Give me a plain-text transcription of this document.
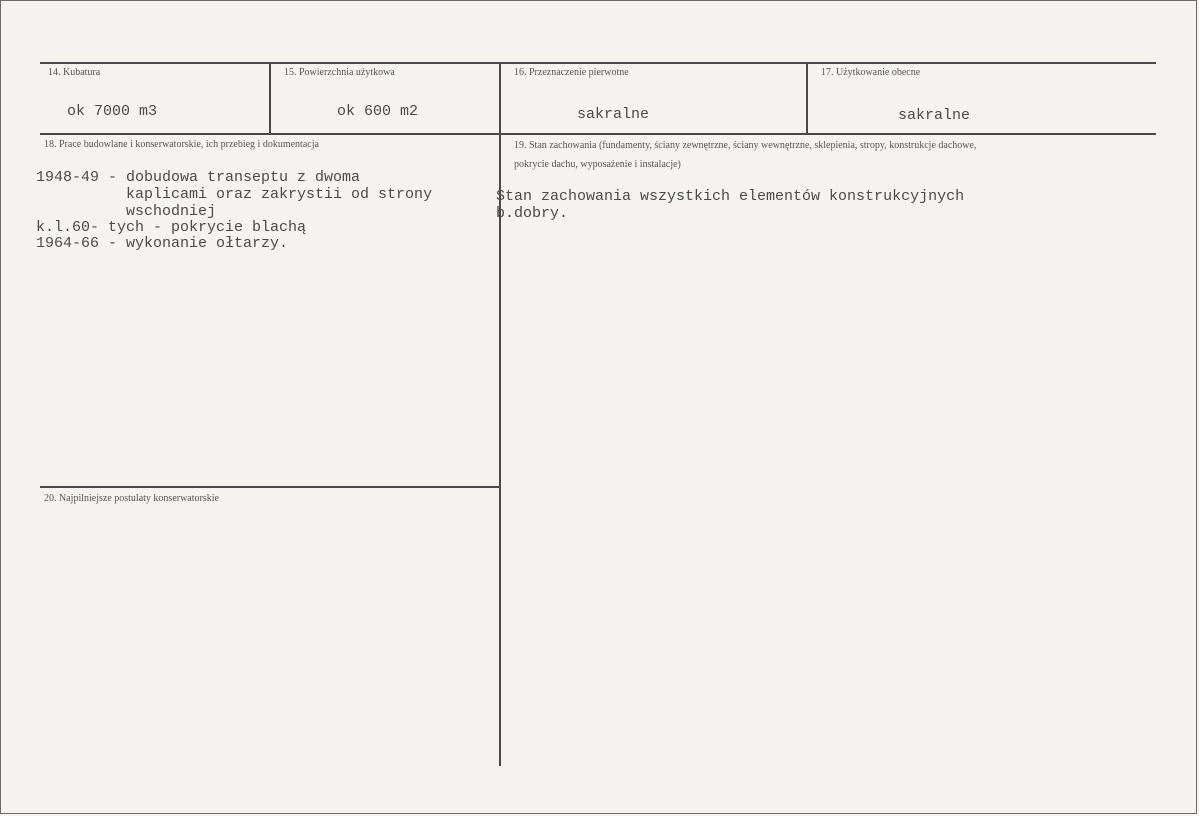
14. Kubatura
ok 7000 m3
15. Powierzchnia użytkowa
ok 600 m2
16. Przeznaczenie pierwotne
sakralne
17. Użytkowanie obecne
sakralne
18. Prace budowlane i konserwatorskie, ich przebieg i dokumentacja
1948-49 - dobudowa transeptu z dwoma
kaplicami oraz zakrystii od strony
wschodniej
k.l.60- tych - pokrycie blachą
1964-66 - wykonanie ołtarzy.
19. Stan zachowania (fundamenty, ściany zewnętrzne, ściany wewnętrzne, sklepienia, stropy, konstrukcje dachowe, pokrycie dachu, wyposażenie i instalacje)
Stan zachowania wszystkich elementów konstrukcyjnych
b.dobry.
20. Najpilniejsze postulaty konserwatorskie
